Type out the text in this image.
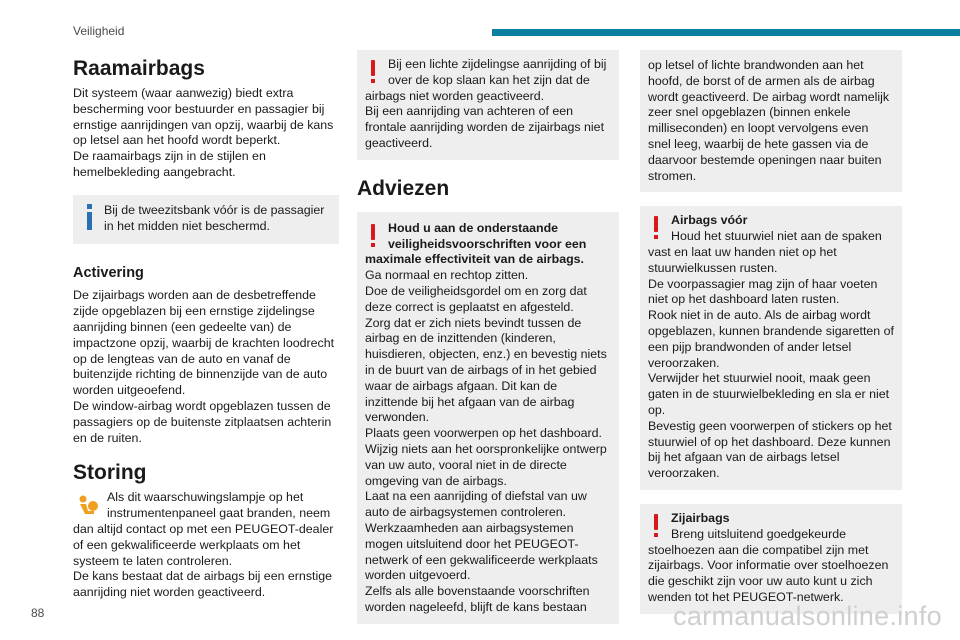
Veiligheid
Raamairbags

Dit systeem (waar aanwezig) biedt extra bescherming voor bestuurder en passagier bij ernstige aanrijdingen van opzij, waarbij de kans op letsel aan het hoofd wordt beperkt.

De raamairbags zijn in de stijlen en hemelbekleding aangebracht.

Bij de tweezitsbank vóór is de passagier in het midden niet beschermd.

Activering

De zijairbags worden aan de desbetreffende zijde opgeblazen bij een ernstige zijdelingse aanrijding binnen (een gedeelte van) de impactzone opzij, waarbij de krachten loodrecht op de lengteas van de auto en vanaf de buitenzijde richting de binnenzijde van de auto worden uitgeoefend.

De window-airbag wordt opgeblazen tussen de passagiers op de buitenste zitplaatsen achterin en de ruiten.

Storing

Als dit waarschuwingslampje op het instrumentenpaneel gaat branden, neem dan altijd contact op met een PEUGEOT-dealer of een gekwalificeerde werkplaats om het systeem te laten controleren.

De kans bestaat dat de airbags bij een ernstige aanrijding niet worden geactiveerd.

Bij een lichte zijdelingse aanrijding of bij over de kop slaan kan het zijn dat de airbags niet worden geactiveerd.

Bij een aanrijding van achteren of een frontale aanrijding worden de zijairbags niet geactiveerd.

Adviezen

Houd u aan de onderstaande veiligheidsvoorschriften voor een maximale effectiviteit van de airbags.

Ga normaal en rechtop zitten.

Doe de veiligheidsgordel om en zorg dat deze correct is geplaatst en afgesteld.

Zorg dat er zich niets bevindt tussen de airbag en de inzittenden (kinderen, huisdieren, objecten, enz.) en bevestig niets in de buurt van de airbags of in het gebied waar de airbags afgaan. Dit kan de inzittende bij het afgaan van de airbag verwonden.

Plaats geen voorwerpen op het dashboard.

Wijzig niets aan het oorspronkelijke ontwerp van uw auto, vooral niet in de directe omgeving van de airbags.

Laat na een aanrijding of diefstal van uw auto de airbagsystemen controleren.

Werkzaamheden aan airbagsystemen mogen uitsluitend door het PEUGEOT-netwerk of een gekwalificeerde werkplaats worden uitgevoerd.

Zelfs als alle bovenstaande voorschriften worden nageleefd, blijft de kans bestaan

op letsel of lichte brandwonden aan het hoofd, de borst of de armen als de airbag wordt geactiveerd. De airbag wordt namelijk zeer snel opgeblazen (binnen enkele milliseconden) en loopt vervolgens even snel leeg, waarbij de hete gassen via de daarvoor bestemde openingen naar buiten stromen.

Airbags vóór

Houd het stuurwiel niet aan de spaken vast en laat uw handen niet op het stuurwielkussen rusten.

De voorpassagier mag zijn of haar voeten niet op het dashboard laten rusten.

Rook niet in de auto. Als de airbag wordt opgeblazen, kunnen brandende sigaretten of een pijp brandwonden of ander letsel veroorzaken.

Verwijder het stuurwiel nooit, maak geen gaten in de stuurwielbekleding en sla er niet op.

Bevestig geen voorwerpen of stickers op het stuurwiel of op het dashboard. Deze kunnen bij het afgaan van de airbags letsel veroorzaken.

Zijairbags

Breng uitsluitend goedgekeurde stoelhoezen aan die compatibel zijn met zijairbags. Voor informatie over stoelhoezen die geschikt zijn voor uw auto kunt u zich wenden tot het PEUGEOT-netwerk.

88	carmanualsonline.info
